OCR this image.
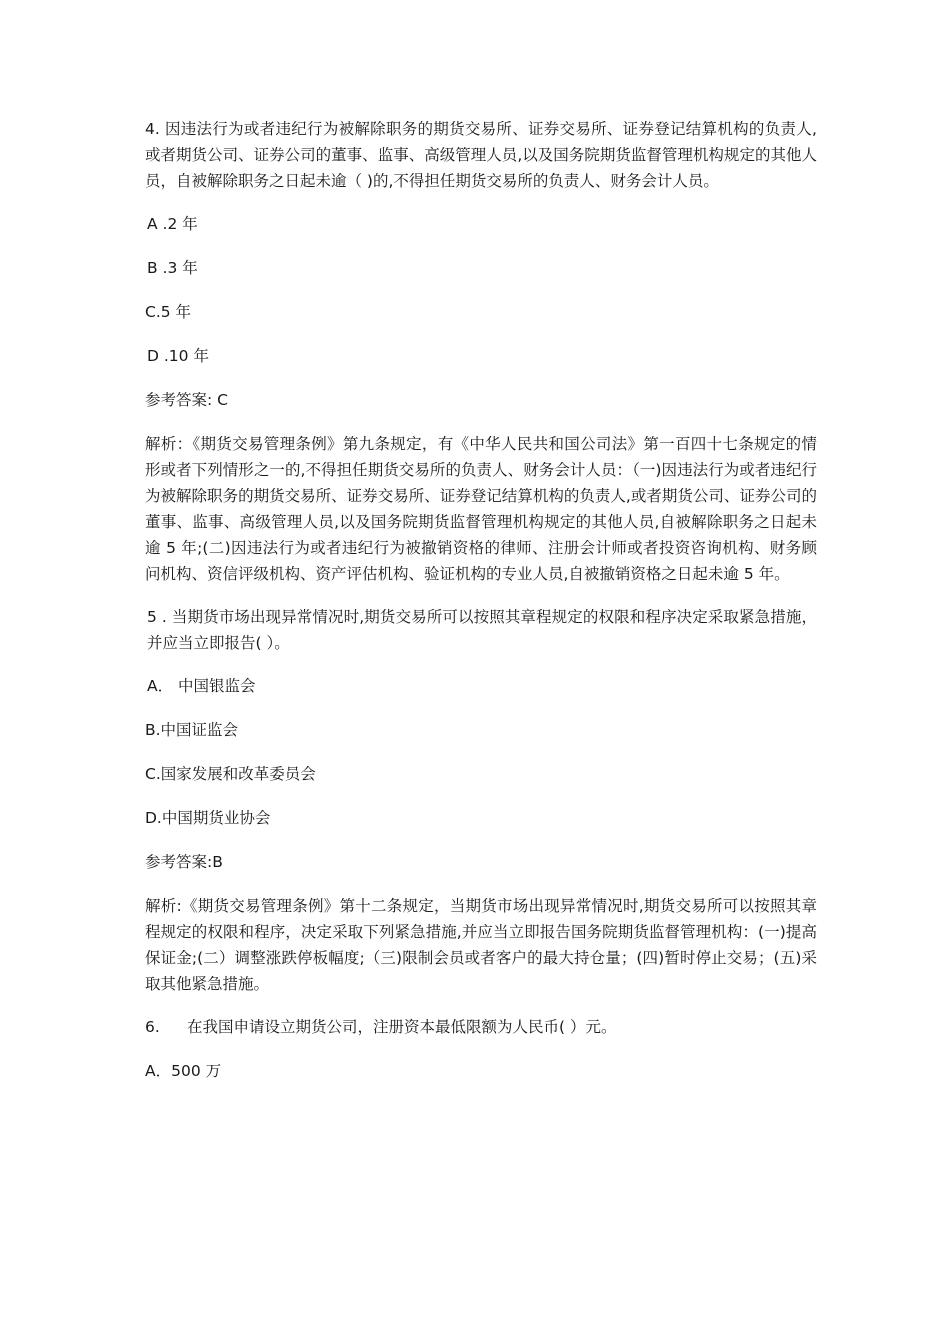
4. 因违法行为或者违纪行为被解除职务的期货交易所、证券交易所、证券登记结算机构的负责人,或者期货公司、证券公司的董事、监事、高级管理人员,以及国务院期货监督管理机构规定的其他人员，自被解除职务之日起未逾（ )的,不得担任期货交易所的负责人、财务会计人员。

A .2 年

B .3 年

C.5 年

D .10 年

参考答案: C

解析：《期货交易管理条例》第九条规定，有《中华人民共和国公司法》第一百四十七条规定的情形或者下列情形之一的,不得担任期货交易所的负责人、财务会计人员：（一)因违法行为或者违纪行为被解除职务的期货交易所、证券交易所、证券登记结算机构的负责人,或者期货公司、证券公司的董事、监事、高级管理人员,以及国务院期货监督管理机构规定的其他人员,自被解除职务之日起未逾 5 年;(二)因违法行为或者违纪行为被撤销资格的律师、注册会计师或者投资咨询机构、财务顾问机构、资信评级机构、资产评估机构、验证机构的专业人员,自被撤销资格之日起未逾 5 年。

5 . 当期货市场出现异常情况时,期货交易所可以按照其章程规定的权限和程序决定采取紧急措施，并应当立即报告( ）。

A． 中国银监会

B.中国证监会

C.国家发展和改革委员会

D.中国期货业协会

参考答案:B

解析:《期货交易管理条例》第十二条规定，当期货市场出现异常情况时,期货交易所可以按照其章程规定的权限和程序，决定采取下列紧急措施,并应当立即报告国务院期货监督管理机构：(一)提高保证金;(二）调整涨跌停板幅度;（三)限制会员或者客户的最大持仓量；(四)暂时停止交易；(五)采取其他紧急措施。

6.	在我国申请设立期货公司，注册资本最低限额为人民币( ）元。

A．500 万
